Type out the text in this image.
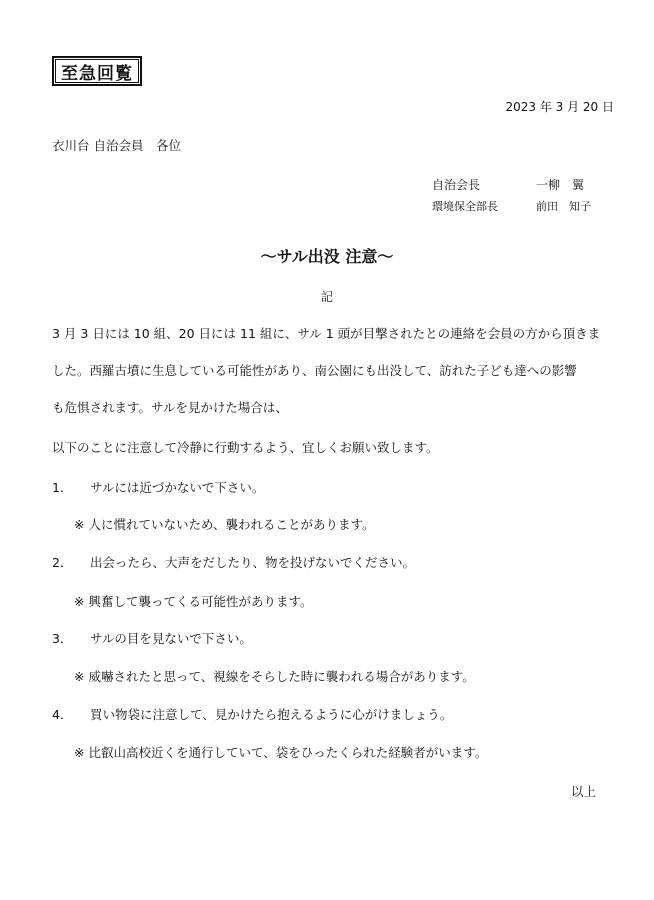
至急回覧
2023 年 3 月 20 日
衣川台 自治会員　各位
自治会長	一柳　翼
環境保全部長	前田　知子
〜サル出没 注意〜
記
3 月 3 日には 10 組、20 日には 11 組に、サル 1 頭が目撃されたとの連絡を会員の方から頂きま
した。西羅古墳に生息している可能性があり、南公園にも出没して、訪れた子ども達への影響
も危惧されます。サルを見かけた場合は、
以下のことに注意して冷静に行動するよう、宜しくお願い致します。
1． サルには近づかないで下さい。
※ 人に慣れていないため、襲われることがあります。
2． 出会ったら、大声をだしたり、物を投げないでください。
※ 興奮して襲ってくる可能性があります。
3． サルの目を見ないで下さい。
※ 威嚇されたと思って、視線をそらした時に襲われる場合があります。
4． 買い物袋に注意して、見かけたら抱えるように心がけましょう。
※ 比叡山高校近くを通行していて、袋をひったくられた経験者がいます。
以上
